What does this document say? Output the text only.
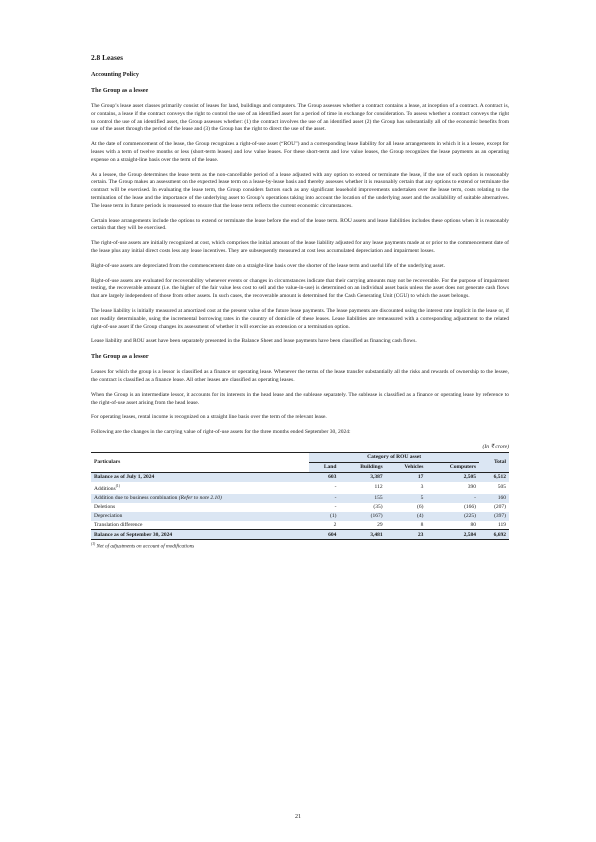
2.8 Leases
Accounting Policy
The Group as a lessee

The Group’s lease asset classes primarily consist of leases for land, buildings and computers. The Group assesses whether a contract contains a lease, at inception of a contract. A contract is, or contains, a lease if the contract conveys the right to control the use of an identified asset for a period of time in exchange for consideration. To assess whether a contract conveys the right to control the use of an identified asset, the Group assesses whether: (1) the contract involves the use of an identified asset (2) the Group has substantially all of the economic benefits from use of the asset through the period of the lease and (3) the Group has the right to direct the use of the asset.

At the date of commencement of the lease, the Group recognizes a right-of-use asset (“ROU”) and a corresponding lease liability for all lease arrangements in which it is a lessee, except for leases with a term of twelve months or less (short-term leases) and low value leases. For these short-term and low value leases, the Group recognizes the lease payments as an operating expense on a straight-line basis over the term of the lease.

As a lessee, the Group determines the lease term as the non-cancellable period of a lease adjusted with any option to extend or terminate the lease, if the use of such option is reasonably certain. The Group makes an assessment on the expected lease term on a lease-by-lease basis and thereby assesses whether it is reasonably certain that any options to extend or terminate the contract will be exercised. In evaluating the lease term, the Group considers factors such as any significant leasehold improvements undertaken over the lease term, costs relating to the termination of the lease and the importance of the underlying asset to Group’s operations taking into account the location of the underlying asset and the availability of suitable alternatives. The lease term in future periods is reassessed to ensure that the lease term reflects the current economic circumstances.

Certain lease arrangements include the options to extend or terminate the lease before the end of the lease term. ROU assets and lease liabilities includes these options when it is reasonably certain that they will be exercised.

The right-of-use assets are initially recognized at cost, which comprises the initial amount of the lease liability adjusted for any lease payments made at or prior to the commencement date of the lease plus any initial direct costs less any lease incentives. They are subsequently measured at cost less accumulated depreciation and impairment losses.

Right-of-use assets are depreciated from the commencement date on a straight-line basis over the shorter of the lease term and useful life of the underlying asset.

Right-of-use assets are evaluated for recoverability whenever events or changes in circumstances indicate that their carrying amounts may not be recoverable. For the purpose of impairment testing, the recoverable amount (i.e. the higher of the fair value less cost to sell and the value-in-use) is determined on an individual asset basis unless the asset does not generate cash flows that are largely independent of those from other assets. In such cases, the recoverable amount is determined for the Cash Generating Unit (CGU) to which the asset belongs.

The lease liability is initially measured at amortized cost at the present value of the future lease payments. The lease payments are discounted using the interest rate implicit in the lease or, if not readily determinable, using the incremental borrowing rates in the country of domicile of these leases. Lease liabilities are remeasured with a corresponding adjustment to the related right-of-use asset if the Group changes its assessment of whether it will exercise an extension or a termination option.

Lease liability and ROU asset have been separately presented in the Balance Sheet and lease payments have been classified as financing cash flows.

The Group as a lessor

Leases for which the group is a lessor is classified as a finance or operating lease. Whenever the terms of the lease transfer substantially all the risks and rewards of ownership to the lessee, the contract is classified as a finance lease. All other leases are classified as operating leases.

When the Group is an intermediate lessor, it accounts for its interests in the head lease and the sublease separately. The sublease is classified as a finance or operating lease by reference to the right-of-use asset arising from the head lease.

For operating leases, rental income is recognized on a straight line basis over the term of the relevant lease.

Following are the changes in the carrying value of right-of-use assets for the three months ended September 30, 2024:

(In ₹ crore)
Particulars	Category of ROU asset				Total
	Land	Buildings	Vehicles	Computers	
Balance as of July 1, 2024	603	3,387	17	2,505	6,512
Additions$^{(1)}$	-	112	3	390	505
Addition due to business combination (Refer to note 2.10)	-	155	5	-	160
Deletions	-	(35)	(6)	(166)	(207)
Depreciation	(1)	(167)	(4)	(225)	(397)
Translation difference	2	29	8	80	119
Balance as of September 30, 2024	604	3,481	23	2,584	6,692
$^{(1)}$ Net of adjustments on account of modifications
21
